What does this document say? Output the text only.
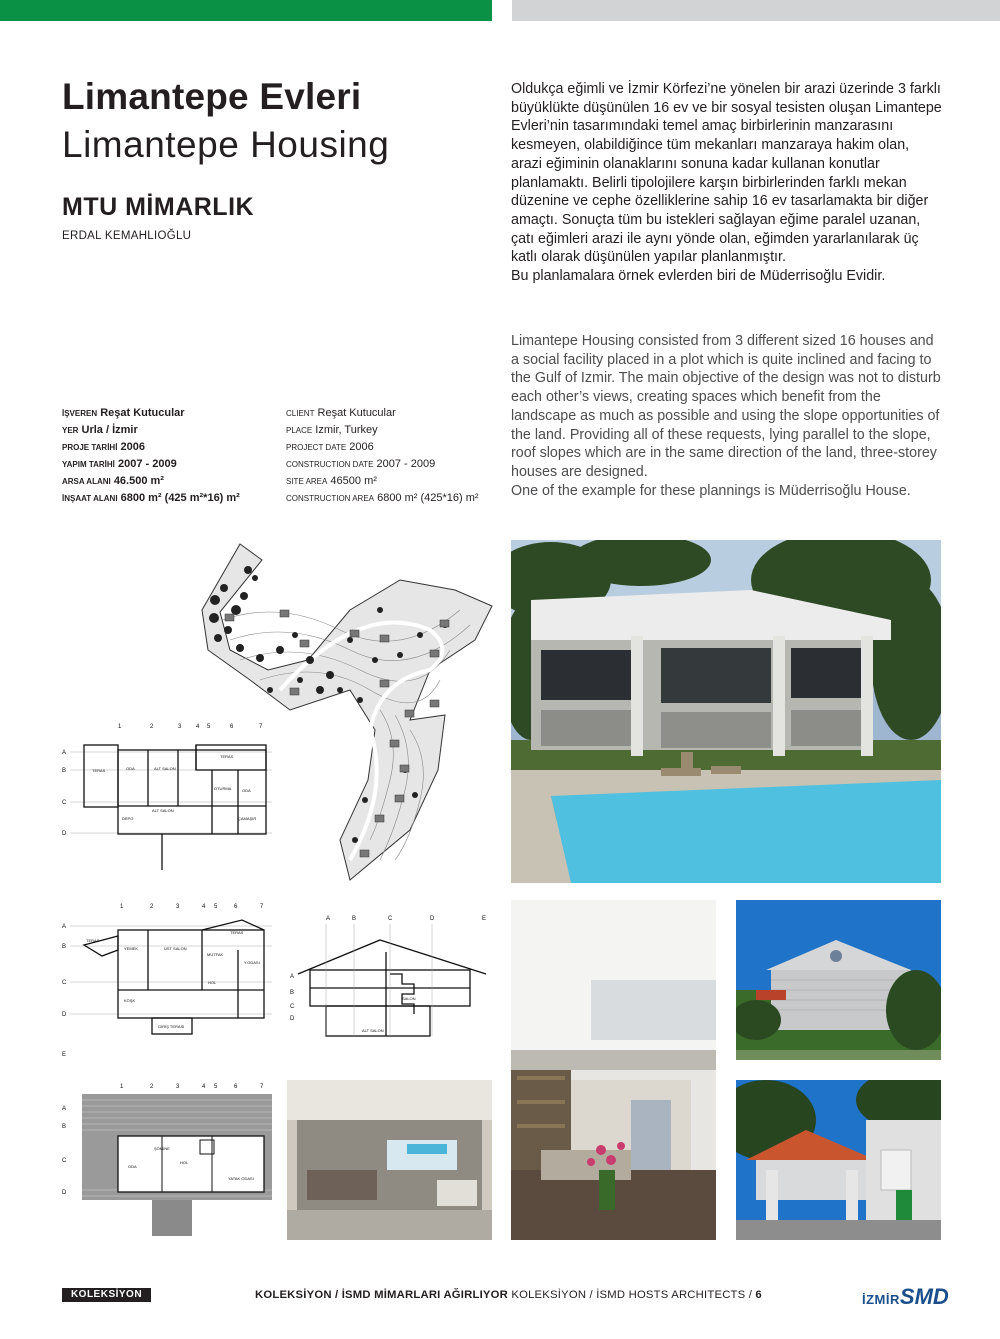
Limantepe Evleri
Limantepe Housing
MTU MİMARLIK
ERDAL KEMAHLIOĞLU

Oldukça eğimli ve İzmir Körfezi’ne yönelen bir arazi üzerinde 3 farklı büyüklükte düşünülen 16 ev ve bir sosyal tesisten oluşan Limantepe Evleri’nin tasarımındaki temel amaç birbirlerinin manzarasını kesmeyen, olabildiğince tüm mekanları manzaraya hakim olan, arazi eğiminin olanaklarını sonuna kadar kullanan konutlar planlamaktı. Belirli tipolojilere karşın birbirlerinden farklı mekan düzenine ve cephe özelliklerine sahip 16 ev tasarlamakta bir diğer amaçtı. Sonuçta tüm bu istekleri sağlayan eğime paralel uzanan, çatı eğimleri arazi ile aynı yönde olan, eğimden yararlanılarak üç katlı olarak düşünülen yapılar planlanmıştır.

Bu planlamalara örnek evlerden biri de Müderrisoğlu Evidir.

Limantepe Housing consisted from 3 different sized 16 houses and a social facility placed in a plot which is quite inclined and facing to the Gulf of Izmir. The main objective of the design was not to disturb each other’s views, creating spaces which benefit from the landscape as much as possible and using the slope opportunities of the land. Providing all of these requests, lying parallel to the slope, roof slopes which are in the same direction of the land, three-storey houses are designed.

One of the example for these plannings is Müderrisoğlu House.

İŞVEREN Reşat Kutucular
YER Urla / İzmir
PROJE TARİHİ 2006
YAPIM TARİHİ 2007 - 2009
ARSA ALANI 46.500 m²
İNŞAAT ALANI 6800 m² (425 m²*16) m²
CLIENT Reşat Kutucular
PLACE Izmir, Turkey
PROJECT DATE 2006
CONSTRUCTION DATE 2007 - 2009
SITE AREA 46500 m²
CONSTRUCTION AREA 6800 m² (425*16) m²
1	2	3 4 5	6	7
A
B
C
D
TERAS	ODA	ALT SALON
TERAS
OTURMA	ODA
DEPO
ALT SALON
ÇAMAŞIR
1	2	3	4 5	6	7
A
B
C
D
E
TERAS
YEMEK	ÜST SALON
TERAS
MUTFAK
Y.ODASI
KÖŞK
HOL
GİRİŞ TERASI
A	B	C	D	E
A
B
C
D
SALON
ALT SALON
1	2	3	4 5	6	7
A
B
C
D
ŞÖMİNE
HOL
YATAK ODASI
ODA
KOLEKSİYON	KOLEKSİYON / İSMD MİMARLARI AĞIRLIYOR KOLEKSİYON / İSMD HOSTS ARCHITECTS / 6	İZMİRSMD
